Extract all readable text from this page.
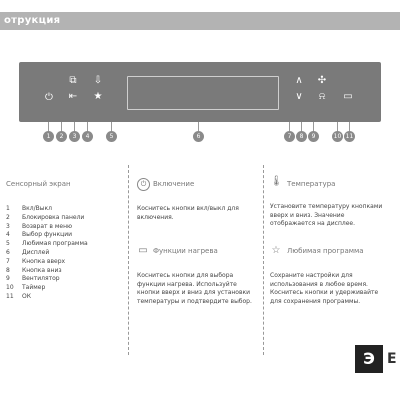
отрукция
⏻
⧉
⇤
⇩
★
∧
∨
✣
⍾	▭
1	2	3	4	5	6	7	8	9	10 11
Сенсорный экран
1 Вкл/Выкл
2 Блокировка панели
3 Возврат в меню
4 Выбор функции
5 Любимая программа
6 Дисплей
7 Кнопка вверх
8 Кнопка вниз
9 Вентилятор
10 Таймер
11 ОК
⏻ Включение
Коснитесь кнопки вкл/выкл для включения.
▭ Функции нагрева
Коснитесь кнопки для выбора функции нагрева. Используйте кнопки вверх и вниз для установки температуры и подтвердите выбор.
🌡 Температура
Установите температуру кнопками вверх и вниз. Значение отображается на дисплее.
☆ Любимая программа
Сохраните настройки для использования в любое время. Коснитесь кнопки и удерживайте для сохранения программы.
Э E
